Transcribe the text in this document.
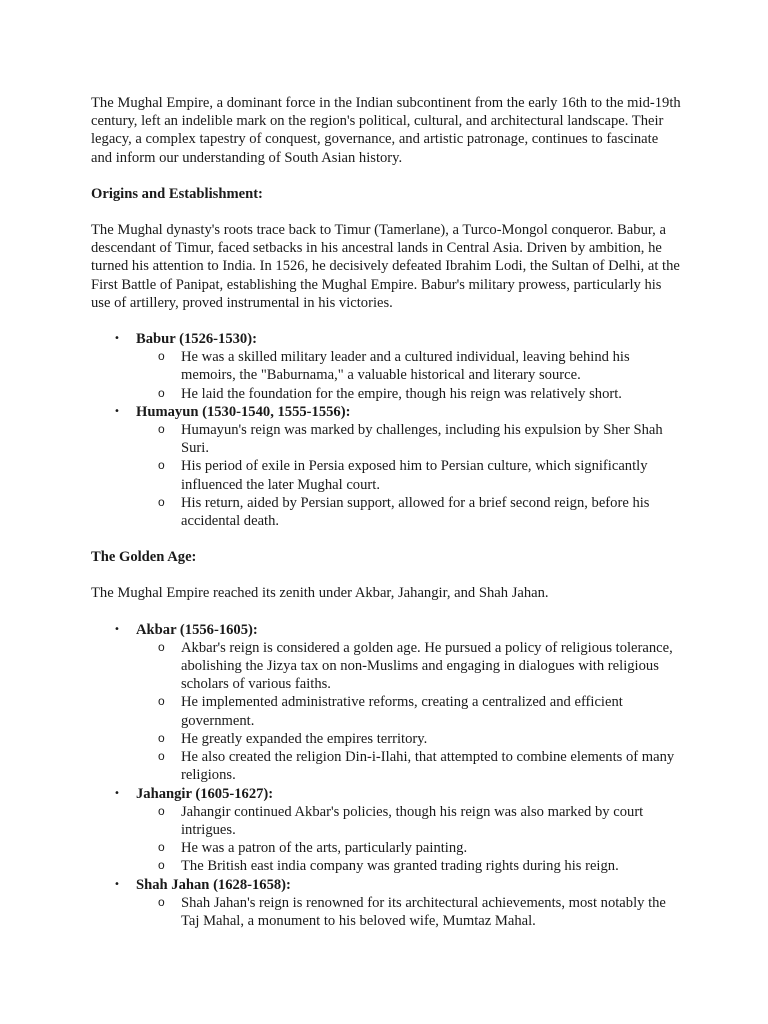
The Mughal Empire, a dominant force in the Indian subcontinent from the early 16th to the mid-19th century, left an indelible mark on the region's political, cultural, and architectural landscape. Their legacy, a complex tapestry of conquest, governance, and artistic patronage, continues to fascinate and inform our understanding of South Asian history.

Origins and Establishment:

The Mughal dynasty's roots trace back to Timur (Tamerlane), a Turco-Mongol conqueror. Babur, a descendant of Timur, faced setbacks in his ancestral lands in Central Asia. Driven by ambition, he turned his attention to India. In 1526, he decisively defeated Ibrahim Lodi, the Sultan of Delhi, at the First Battle of Panipat, establishing the Mughal Empire. Babur's military prowess, particularly his use of artillery, proved instrumental in his victories.

• Babur (1526-1530):
o He was a skilled military leader and a cultured individual, leaving behind his memoirs, the "Baburnama," a valuable historical and literary source.
o He laid the foundation for the empire, though his reign was relatively short.
• Humayun (1530-1540, 1555-1556):
o Humayun's reign was marked by challenges, including his expulsion by Sher Shah Suri.
o His period of exile in Persia exposed him to Persian culture, which significantly influenced the later Mughal court.
o His return, aided by Persian support, allowed for a brief second reign, before his accidental death.
The Golden Age:

The Mughal Empire reached its zenith under Akbar, Jahangir, and Shah Jahan.

• Akbar (1556-1605):
o Akbar's reign is considered a golden age. He pursued a policy of religious tolerance, abolishing the Jizya tax on non-Muslims and engaging in dialogues with religious scholars of various faiths.
o He implemented administrative reforms, creating a centralized and efficient government.
o He greatly expanded the empires territory.
o He also created the religion Din-i-Ilahi, that attempted to combine elements of many religions.
• Jahangir (1605-1627):
o Jahangir continued Akbar's policies, though his reign was also marked by court intrigues.
o He was a patron of the arts, particularly painting.
o The British east india company was granted trading rights during his reign.
• Shah Jahan (1628-1658):
o Shah Jahan's reign is renowned for its architectural achievements, most notably the Taj Mahal, a monument to his beloved wife, Mumtaz Mahal.
